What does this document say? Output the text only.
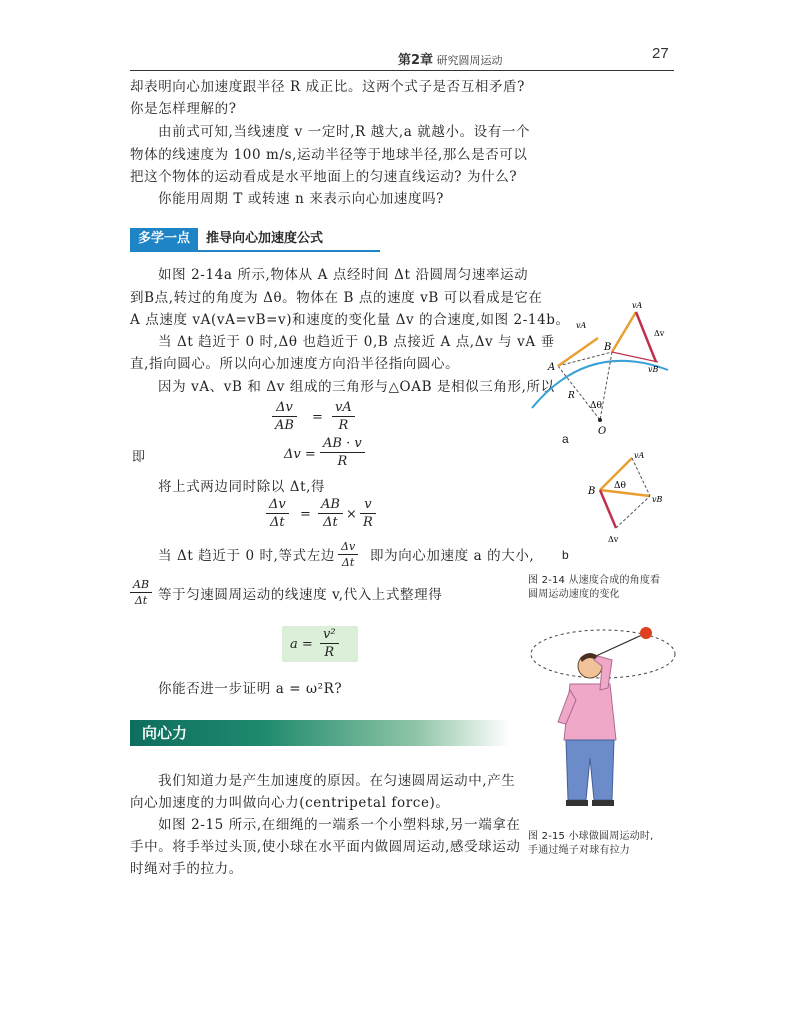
第2章 研究圆周运动	27
却表明向心加速度跟半径 R 成正比。这两个式子是否互相矛盾?
你是怎样理解的?
由前式可知,当线速度 v 一定时,R 越大,a 就越小。设有一个
物体的线速度为 100 m/s,运动半径等于地球半径,那么是否可以
把这个物体的运动看成是水平地面上的匀速直线运动? 为什么?
你能用周期 T 或转速 n 来表示向心加速度吗?
多学一点	推导向心加速度公式
如图 2-14a 所示,物体从 A 点经时间 Δt 沿圆周匀速率运动
到B点,转过的角度为 Δθ。物体在 B 点的速度 vB 可以看成是它在
A 点速度 vA(vA=vB=v)和速度的变化量 Δv 的合速度,如图 2-14b。
当 Δt 趋近于 0 时,Δθ 也趋近于 0,B 点接近 A 点,Δv 与 vA 垂
直,指向圆心。所以向心加速度方向沿半径指向圆心。
因为 vA、vB 和 Δv 组成的三角形与△OAB 是相似三角形,所以
Δv
AB
=
vA
R
即	Δv =
AB · v
R
将上式两边同时除以 Δt,得
Δv
Δt
=
AB
Δt
×
v
R
当 Δt 趋近于 0 时,等式左边
Δv
Δt 即为向心加速度 a 的大小,
AB
Δt 等于匀速圆周运动的线速度 v,代入上式整理得
a =
v²
R
你能否进一步证明 a = ω²R?
向心力
我们知道力是产生加速度的原因。在匀速圆周运动中,产生
向心加速度的力叫做向心力(centripetal force)。
如图 2-15 所示,在细绳的一端系一个小塑料球,另一端拿在
手中。将手举过头顶,使小球在水平面内做圆周运动,感受球运动
时绳对手的拉力。
A
B
O
R
Δθ
vA
vA
vB
Δv
a
B Δθ
vA
vB
Δv
b
图 2-14 从速度合成的角度看
圆周运动速度的变化
图 2-15 小球做圆周运动时,
手通过绳子对球有拉力
